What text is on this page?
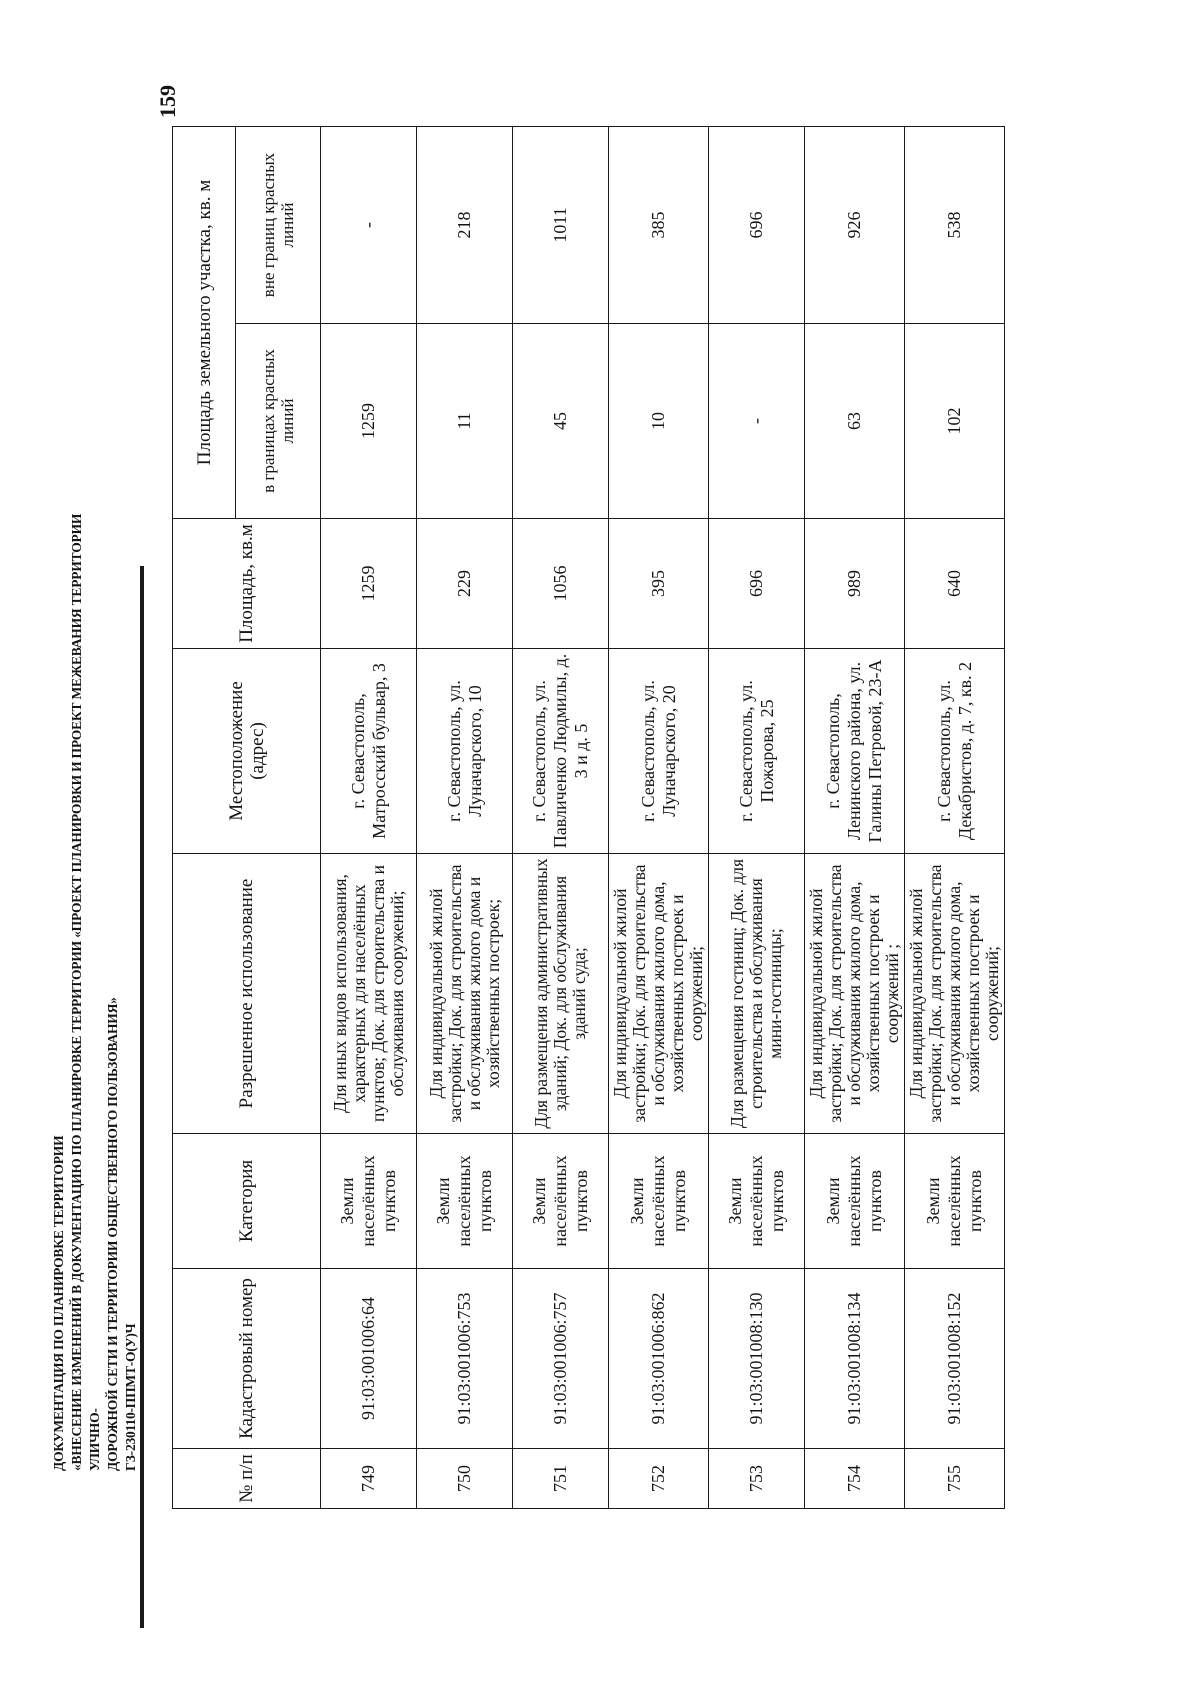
ДОКУМЕНТАЦИЯ ПО ПЛАНИРОВКЕ ТЕРРИТОРИИ «ВНЕСЕНИЕ ИЗМЕНЕНИЙ В ДОКУМЕНТАЦИЮ ПО ПЛАНИРОВКЕ ТЕРРИТОРИИ «ПРОЕКТ ПЛАНИРОВКИ И ПРОЕКТ МЕЖЕВАНИЯ ТЕРРИТОРИИ УЛИЧНО- ДОРОЖНОЙ СЕТИ И ТЕРРИТОРИИ ОБЩЕСТВЕННОГО ПОЛЬЗОВАНИЯ» ГЗ-230110-ППМТ-О(У)Ч
159
№ п/п	Кадастровый номер	Категория	Разрешенное использование	Местоположение (адрес)	Площадь, кв.м	Площадь земельного участка, кв. м	
						в границах красных линий	вне границ красных линий
749	91:03:001006:64	Земли населённых пунктов	Для иных видов использования, характерных для населённых пунктов; Док. для строительства и обслуживания сооружений;	г. Севастополь, Матросский бульвар, 3	1259	1259	-
750	91:03:001006:753	Земли населённых пунктов	Для индивидуальной жилой застройки; Док. для строительства и обслуживания жилого дома и хозяйственных построек;	г. Севастополь, ул. Луначарского, 10	229	11	218
751	91:03:001006:757	Земли населённых пунктов	Для размещения административных зданий; Док. для обслуживания зданий суда;	г. Севастополь, ул. Павличенко Людмилы, д. 3 и д. 5	1056	45	1011
752	91:03:001006:862	Земли населённых пунктов	Для индивидуальной жилой застройки; Док. для строительства и обслуживания жилого дома, хозяйственных построек и сооружений;	г. Севастополь, ул. Луначарского, 20	395	10	385
753	91:03:001008:130	Земли населённых пунктов	Для размещения гостиниц; Док. для строительства и обслуживания мини-гостиницы;	г. Севастополь, ул. Пожарова, 25	696	-	696
754	91:03:001008:134	Земли населённых пунктов	Для индивидуальной жилой застройки; Док. для строительства и обслуживания жилого дома, хозяйственных построек и сооружений ;	г. Севастополь, Ленинского района, ул. Галины Петровой, 23-А	989	63	926
755	91:03:001008:152	Земли населённых пунктов	Для индивидуальной жилой застройки; Док. для строительства и обслуживания жилого дома, хозяйственных построек и сооружений;	г. Севастополь, ул. Декабристов, д. 7, кв. 2	640	102	538
